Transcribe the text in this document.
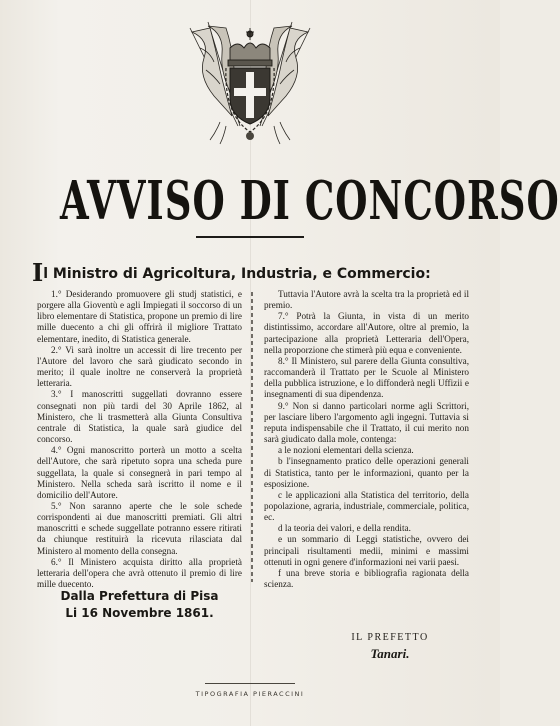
AVVISO DI CONCORSO
Il Ministro di Agricoltura, Industria, e Commercio:

1.° Desiderando promuovere gli studj statistici, e porgere alla Gioventù e agli Impiegati il soccorso di un libro elementare di Statistica, propone un premio di lire mille duecento a chi gli offrirà il migliore Trattato elementare, inedito, di Statistica generale.

2.° Vi sarà inoltre un accessit di lire trecento per l'Autore del lavoro che sarà giudicato secondo in merito; il quale inoltre ne conserverà la proprietà letteraria.

3.° I manoscritti suggellati dovranno essere consegnati non più tardi del 30 Aprile 1862, al Ministero, che li trasmetterà alla Giunta Consultiva centrale di Statistica, la quale sarà giudice del concorso.

4.° Ogni manoscritto porterà un motto a scelta dell'Autore, che sarà ripetuto sopra una scheda pure suggellata, la quale si consegnerà in pari tempo al Ministero. Nella scheda sarà iscritto il nome e il domicilio dell'Autore.

5.° Non saranno aperte che le sole schede corrispondenti ai due manoscritti premiati. Gli altri manoscritti e schede suggellate potranno essere ritirati da chiunque restituirà la ricevuta rilasciata dal Ministero al momento della consegna.

6.° Il Ministero acquista diritto alla proprietà letteraria dell'opera che avrà ottenuto il premio di lire mille duecento.

Tuttavia l'Autore avrà la scelta tra la proprietà ed il premio.

7.° Potrà la Giunta, in vista di un merito distintissimo, accordare all'Autore, oltre al premio, la partecipazione alla proprietà Letteraria dell'Opera, nella proporzione che stimerà più equa e conveniente.

8.° Il Ministero, sul parere della Giunta consultiva, raccomanderà il Trattato per le Scuole al Ministero della pubblica istruzione, e lo diffonderà negli Uffizii e insegnamenti di sua dipendenza.

9.° Non si danno particolari norme agli Scrittori, per lasciare libero l'argomento agli ingegni. Tuttavia si reputa indispensabile che il Trattato, il cui merito non sarà giudicato dalla mole, contenga:

a le nozioni elementari della scienza.

b l'insegnamento pratico delle operazioni generali di Statistica, tanto per le informazioni, quanto per la esposizione.

c le applicazioni alla Statistica del territorio, della popolazione, agraria, industriale, commerciale, politica, ec.

d la teoria dei valori, e della rendita.

e un sommario di Leggi statistiche, ovvero dei principali risultamenti medii, minimi e massimi ottenuti in ogni genere d'informazioni nei varii paesi.

f una breve storia e bibliografia ragionata della scienza.

Dalla Prefettura di Pisa
Li 16 Novembre 1861.
IL PREFETTO
Tanari.
TIPOGRAFIA PIERACCINI
